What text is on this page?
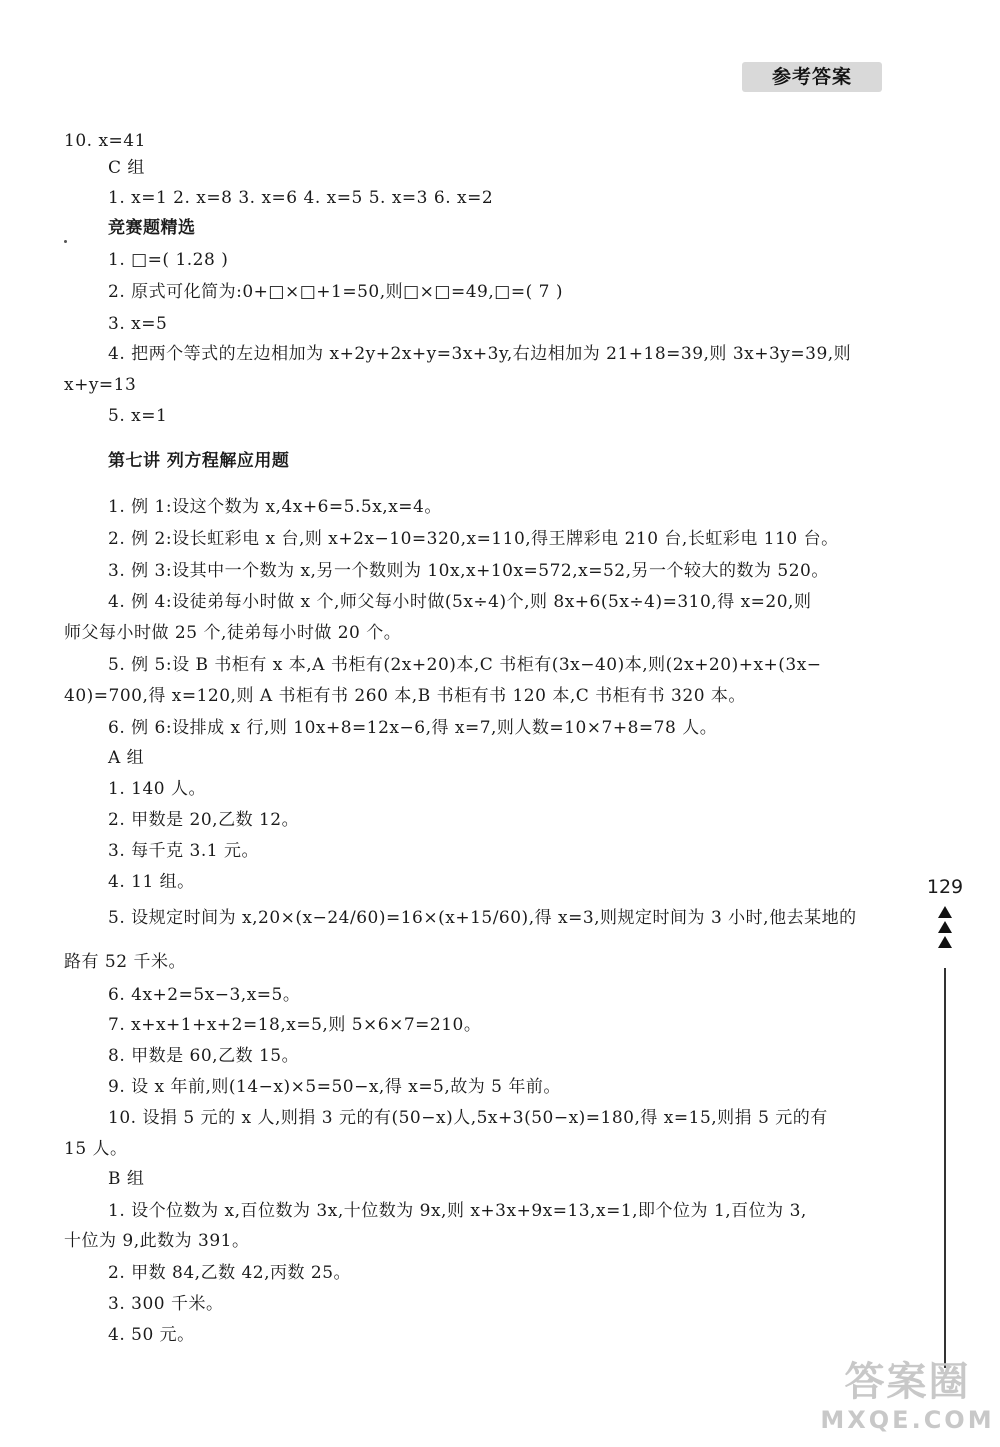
参考答案
10. x=41
C 组
1. x=1 2. x=8 3. x=6 4. x=5 5. x=3 6. x=2
竞赛题精选
1. □=( 1.28 )
2. 原式可化简为:0+□×□+1=50,则□×□=49,□=( 7 )
3. x=5
4. 把两个等式的左边相加为 x+2y+2x+y=3x+3y,右边相加为 21+18=39,则 3x+3y=39,则
x+y=13
5. x=1
第七讲 列方程解应用题
1. 例 1:设这个数为 x,4x+6=5.5x,x=4。
2. 例 2:设长虹彩电 x 台,则 x+2x−10=320,x=110,得王牌彩电 210 台,长虹彩电 110 台。
3. 例 3:设其中一个数为 x,另一个数则为 10x,x+10x=572,x=52,另一个较大的数为 520。
4. 例 4:设徒弟每小时做 x 个,师父每小时做(5x÷4)个,则 8x+6(5x÷4)=310,得 x=20,则
师父每小时做 25 个,徒弟每小时做 20 个。
5. 例 5:设 B 书柜有 x 本,A 书柜有(2x+20)本,C 书柜有(3x−40)本,则(2x+20)+x+(3x−
40)=700,得 x=120,则 A 书柜有书 260 本,B 书柜有书 120 本,C 书柜有书 320 本。
6. 例 6:设排成 x 行,则 10x+8=12x−6,得 x=7,则人数=10×7+8=78 人。
A 组
1. 140 人。
2. 甲数是 20,乙数 12。
3. 每千克 3.1 元。
4. 11 组。
5. 设规定时间为 x,20×(x−24/60)=16×(x+15/60),得 x=3,则规定时间为 3 小时,他去某地的
路有 52 千米。
6. 4x+2=5x−3,x=5。
7. x+x+1+x+2=18,x=5,则 5×6×7=210。
8. 甲数是 60,乙数 15。
9. 设 x 年前,则(14−x)×5=50−x,得 x=5,故为 5 年前。
10. 设捐 5 元的 x 人,则捐 3 元的有(50−x)人,5x+3(50−x)=180,得 x=15,则捐 5 元的有
15 人。
B 组
1. 设个位数为 x,百位数为 3x,十位数为 9x,则 x+3x+9x=13,x=1,即个位为 1,百位为 3,
十位为 9,此数为 391。
2. 甲数 84,乙数 42,丙数 25。
3. 300 千米。
4. 50 元。
129
答案圈
MXQE.COM
